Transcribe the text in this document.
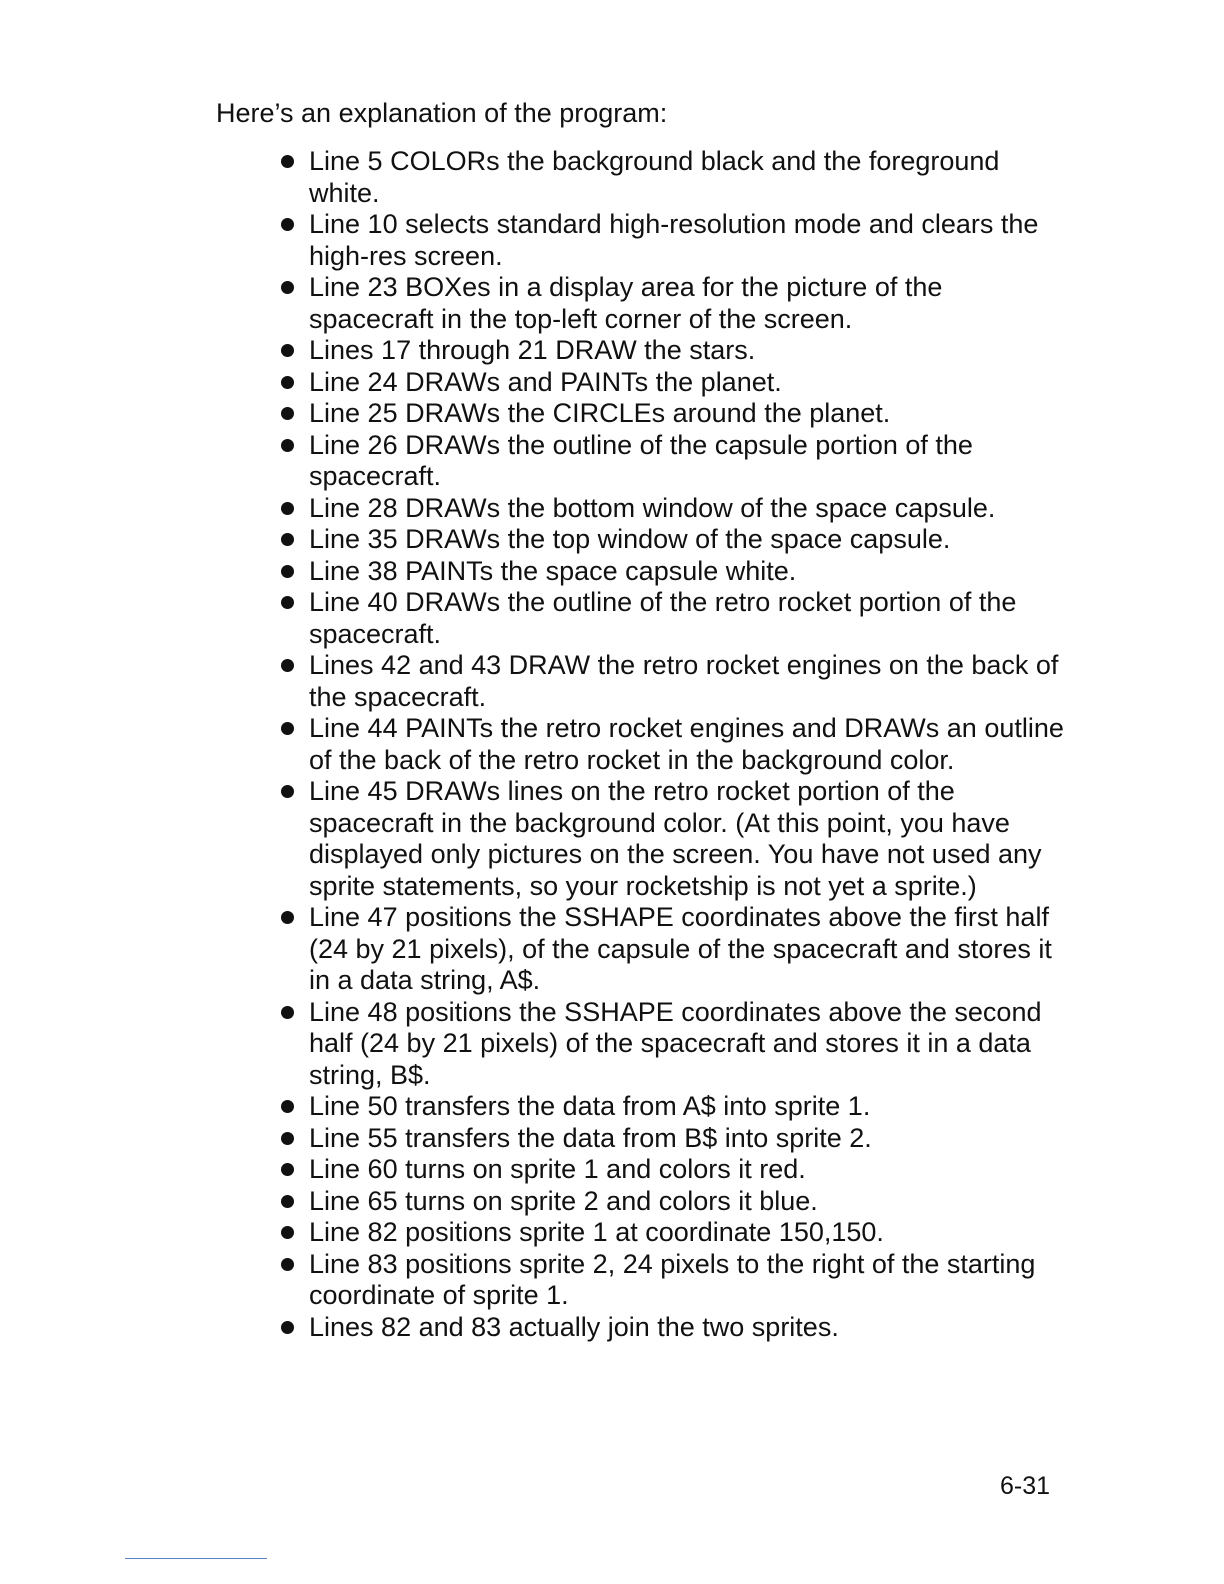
Here’s an explanation of the program:

Line 5 COLORs the background black and the foreground white.
Line 10 selects standard high-resolution mode and clears the high-res screen.
Line 23 BOXes in a display area for the picture of the spacecraft in the top-left corner of the screen.
Lines 17 through 21 DRAW the stars.
Line 24 DRAWs and PAINTs the planet.
Line 25 DRAWs the CIRCLEs around the planet.
Line 26 DRAWs the outline of the capsule portion of the spacecraft.
Line 28 DRAWs the bottom window of the space capsule.
Line 35 DRAWs the top window of the space capsule.
Line 38 PAINTs the space capsule white.
Line 40 DRAWs the outline of the retro rocket portion of the spacecraft.
Lines 42 and 43 DRAW the retro rocket engines on the back of the spacecraft.
Line 44 PAINTs the retro rocket engines and DRAWs an outline of the back of the retro rocket in the background color.
Line 45 DRAWs lines on the retro rocket portion of the spacecraft in the background color. (At this point, you have displayed only pictures on the screen. You have not used any sprite statements, so your rocketship is not yet a sprite.)
Line 47 positions the SSHAPE coordinates above the first half (24 by 21 pixels), of the capsule of the spacecraft and stores it in a data string, A$.
Line 48 positions the SSHAPE coordinates above the second half (24 by 21 pixels) of the spacecraft and stores it in a data string, B$.
Line 50 transfers the data from A$ into sprite 1.
Line 55 transfers the data from B$ into sprite 2.
Line 60 turns on sprite 1 and colors it red.
Line 65 turns on sprite 2 and colors it blue.
Line 82 positions sprite 1 at coordinate 150,150.
Line 83 positions sprite 2, 24 pixels to the right of the starting coordinate of sprite 1.
Lines 82 and 83 actually join the two sprites.
6-31
